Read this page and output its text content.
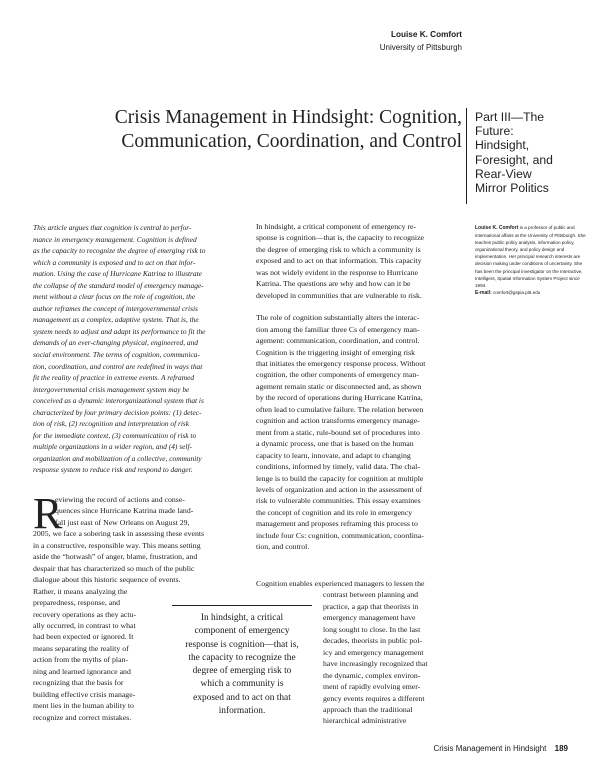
Louise K. Comfort
University of Pittsburgh
Crisis Management in Hindsight: Cognition,
Communication, Coordination, and Control
Part III—The
Future:
Hindsight,
Foresight, and
Rear-View
Mirror Politics
Louise K. Comfort is a professor of public and international affairs at the University of Pittsburgh. She teaches public policy analysis, information policy, organizational theory, and policy design and implementation. Her principal research interests are decision making under conditions of uncertainty. She has been the principal investigator on the Interactive, Intelligent, Spatial Information System Project since 1994.
E-mail: comfort@gspia.pitt.edu
This article argues that cognition is central to perfor-
mance in emergency management. Cognition is defined
as the capacity to recognize the degree of emerging risk to
which a community is exposed and to act on that infor-
mation. Using the case of Hurricane Katrina to illustrate
the collapse of the standard model of emergency manage-
ment without a clear focus on the role of cognition, the
author reframes the concept of intergovernmental crisis
management as a complex, adaptive system. That is, the
system needs to adjust and adapt its performance to fit the
demands of an ever-changing physical, engineered, and
social environment. The terms of cognition, communica-
tion, coordination, and control are redefined in ways that
fit the reality of practice in extreme events. A reframed
intergovernmental crisis management system may be
conceived as a dynamic interorganizational system that is
characterized by four primary decision points: (1) detec-
tion of risk, (2) recognition and interpretation of risk
for the immediate context, (3) communication of risk to
multiple organizations in a wider region, and (4) self-
organization and mobilization of a collective, community
response system to reduce risk and respond to danger.
R
eviewing the record of actions and conse-
quences since Hurricane Katrina made land-
fall just east of New Orleans on August 29,
2005, we face a sobering task in assessing these events
in a constructive, responsible way. This means setting
aside the “hotwash” of anger, blame, frustration, and
despair that has characterized so much of the public
dialogue about this historic sequence of events.
Rather, it means analyzing the
preparedness, response, and
recovery operations as they actu-
ally occurred, in contrast to what
had been expected or ignored. It
means separating the reality of
action from the myths of plan-
ning and learned ignorance and
recognizing that the basis for
building effective crisis manage-
ment lies in the human ability to
recognize and correct mistakes.
In hindsight, a critical component of emergency re-
sponse is cognition—that is, the capacity to recognize
the degree of emerging risk to which a community is
exposed and to act on that information. This capacity
was not widely evident in the response to Hurricane
Katrina. The questions are why and how can it be
developed in communities that are vulnerable to risk.
The role of cognition substantially alters the interac-
tion among the familiar three Cs of emergency man-
agement: communication, coordination, and control.
Cognition is the triggering insight of emerging risk
that initiates the emergency response process. Without
cognition, the other components of emergency man-
agement remain static or disconnected and, as shown
by the record of operations during Hurricane Katrina,
often lead to cumulative failure. The relation between
cognition and action transforms emergency manage-
ment from a static, rule-bound set of procedures into
a dynamic process, one that is based on the human
capacity to learn, innovate, and adapt to changing
conditions, informed by timely, valid data. The chal-
lenge is to build the capacity for cognition at multiple
levels of organization and action in the assessment of
risk to vulnerable communities. This essay examines
the concept of cognition and its role in emergency
management and proposes reframing this process to
include four Cs: cognition, communication, coordina-
tion, and control.
Cognition enables experienced managers to lessen the
contrast between planning and
practice, a gap that theorists in
emergency management have
long sought to close. In the last
decades, theorists in public pol-
icy and emergency management
have increasingly recognized that
the dynamic, complex environ-
ment of rapidly evolving emer-
gency events requires a different
approach than the traditional
hierarchical administrative
In hindsight, a critical
component of emergency
response is cognition—that is,
the capacity to recognize the
degree of emerging risk to
which a community is
exposed and to act on that
information.
Crisis Management in Hindsight 189
